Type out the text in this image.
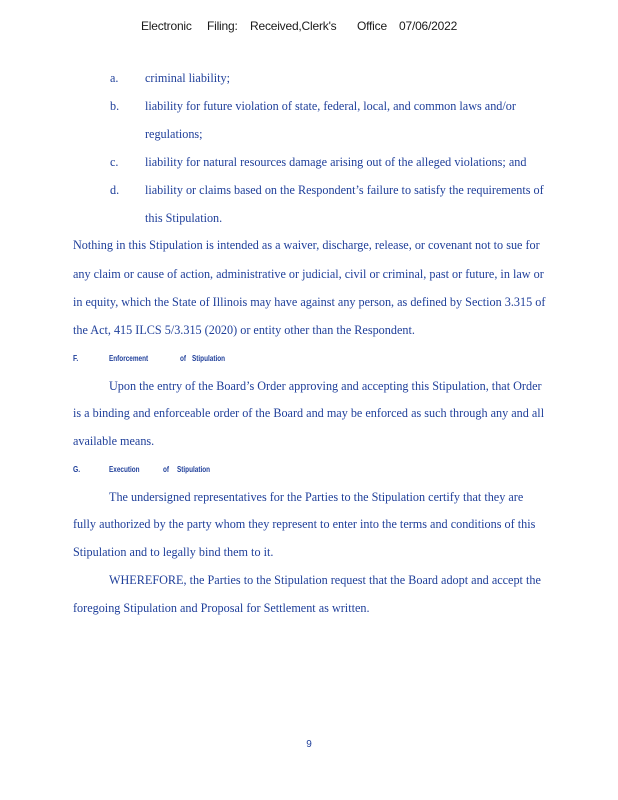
Electronic Filing: Received,Clerk's Office 07/06/2022
a. criminal liability;
b. liability for future violation of state, federal, local, and common laws and/or
regulations;
c. liability for natural resources damage arising out of the alleged violations; and
d. liability or claims based on the Respondent’s failure to satisfy the requirements of
this Stipulation.
Nothing in this Stipulation is intended as a waiver, discharge, release, or covenant not to sue for
any claim or cause of action, administrative or judicial, civil or criminal, past or future, in law or
in equity, which the State of Illinois may have against any person, as defined by Section 3.315 of
the Act, 415 ILCS 5/3.315 (2020) or entity other than the Respondent.
F.	Enforcement	of Stipulation
Upon the entry of the Board’s Order approving and accepting this Stipulation, that Order
is a binding and enforceable order of the Board and may be enforced as such through any and all
available means.
G.	Execution	of Stipulation
The undersigned representatives for the Parties to the Stipulation certify that they are
fully authorized by the party whom they represent to enter into the terms and conditions of this
Stipulation and to legally bind them to it.
WHEREFORE, the Parties to the Stipulation request that the Board adopt and accept the
foregoing Stipulation and Proposal for Settlement as written.
9
